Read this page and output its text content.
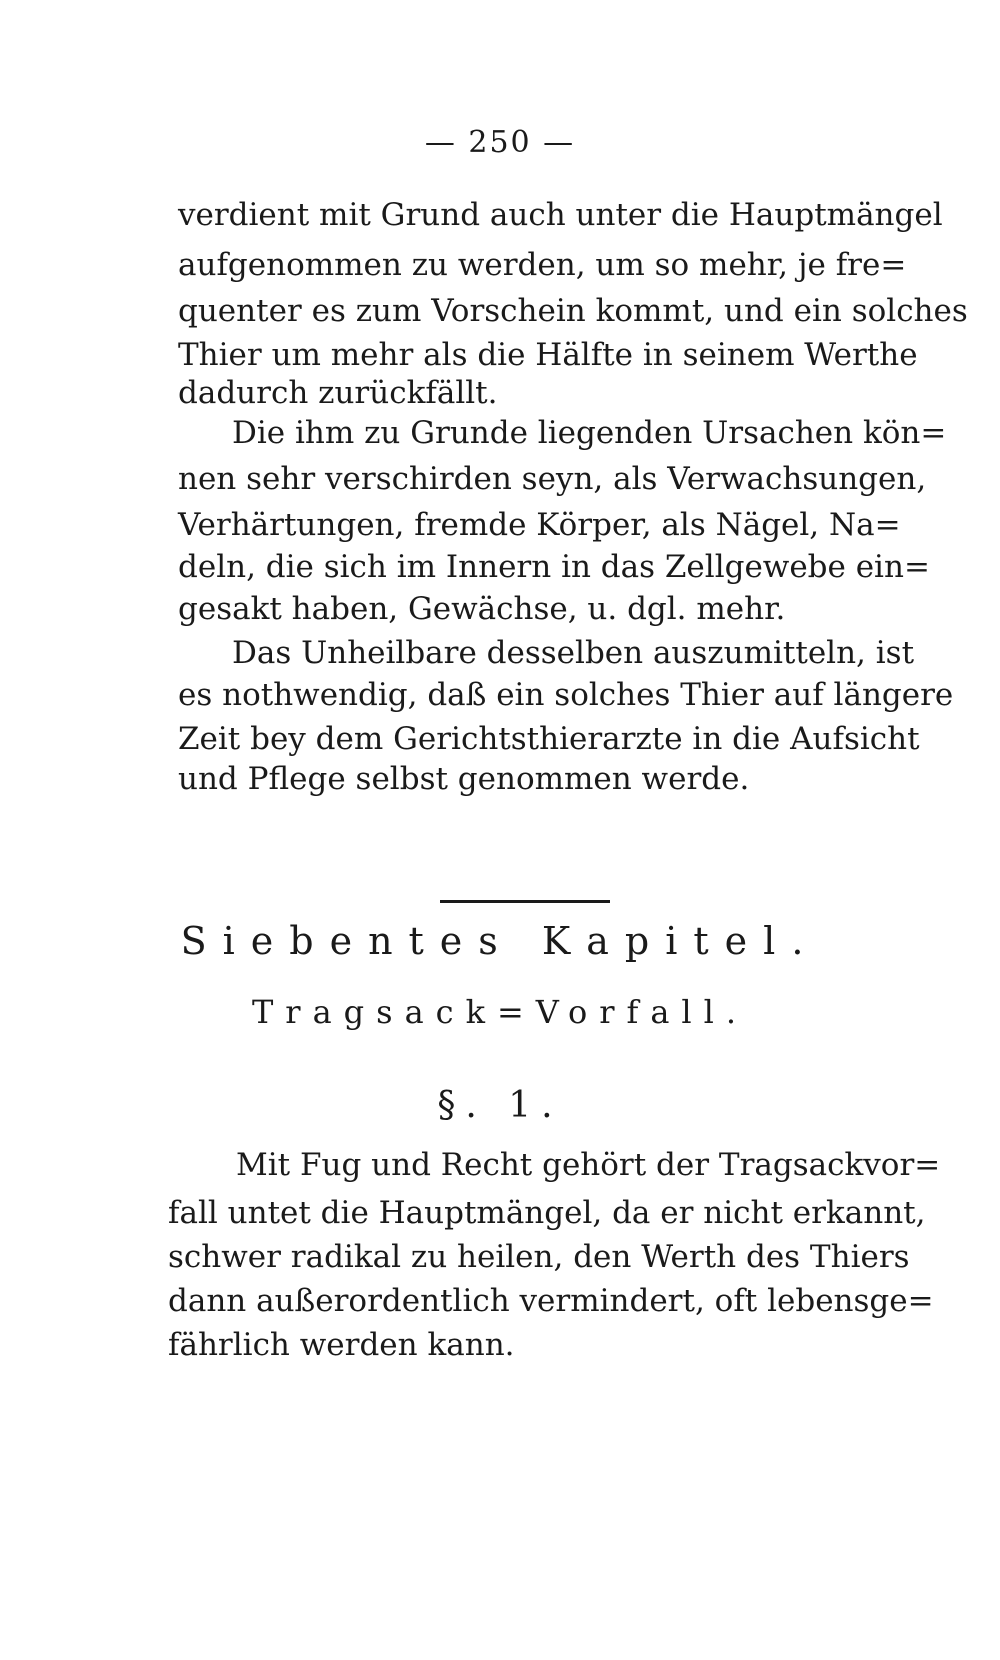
— 250 —
verdient mit Grund auch unter die Hauptmängel
aufgenommen zu werden, um so mehr, je fre=
quenter es zum Vorschein kommt, und ein solches
Thier um mehr als die Hälfte in seinem Werthe
dadurch zurückfällt.
Die ihm zu Grunde liegenden Ursachen kön=
nen sehr verschirden seyn, als Verwachsungen,
Verhärtungen, fremde Körper, als Nägel, Na=
deln, die sich im Innern in das Zellgewebe ein=
gesakt haben, Gewächse, u. dgl. mehr.
Das Unheilbare desselben auszumitteln, ist
es nothwendig, daß ein solches Thier auf längere
Zeit bey dem Gerichtsthierarzte in die Aufsicht
und Pflege selbst genommen werde.
Siebentes Kapitel.
Tragsack=Vorfall.
§. 1.
Mit Fug und Recht gehört der Tragsackvor=
fall untet die Hauptmängel, da er nicht erkannt,
schwer radikal zu heilen, den Werth des Thiers
dann außerordentlich vermindert, oft lebensge=
fährlich werden kann.
